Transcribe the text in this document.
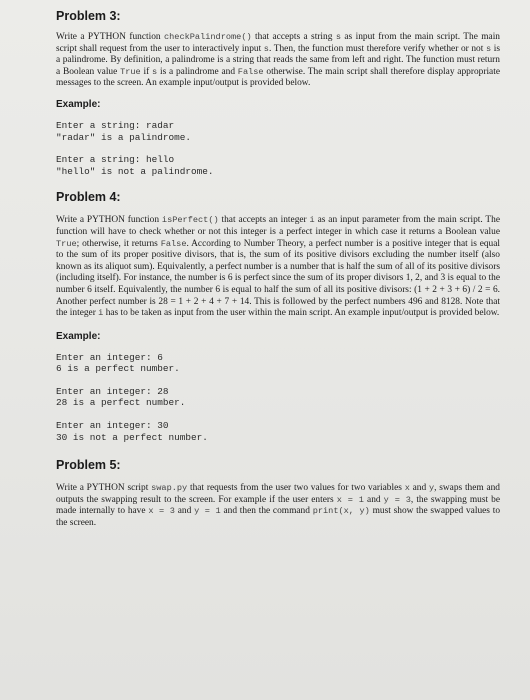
Problem 3:

Write a PYTHON function checkPalindrome() that accepts a string s as input from the main script. The main script shall request from the user to interactively input s. Then, the function must therefore verify whether or not s is a palindrome. By definition, a palindrome is a string that reads the same from left and right. The function must return a Boolean value True if s is a palindrome and False otherwise. The main script shall therefore display appropriate messages to the screen. An example input/output is provided below.

Example:

Enter a string: radar
"radar" is a palindrome.
Enter a string: hello
"hello" is not a palindrome.
Problem 4:

Write a PYTHON function isPerfect() that accepts an integer i as an input parameter from the main script. The function will have to check whether or not this integer is a perfect integer in which case it returns a Boolean value True; otherwise, it returns False. According to Number Theory, a perfect number is a positive integer that is equal to the sum of its proper positive divisors, that is, the sum of its positive divisors excluding the number itself (also known as its aliquot sum). Equivalently, a perfect number is a number that is half the sum of all of its positive divisors (including itself). For instance, the number is 6 is perfect since the sum of its proper divisors 1, 2, and 3 is equal to the number 6 itself. Equivalently, the number 6 is equal to half the sum of all its positive divisors: (1 + 2 + 3 + 6) / 2 = 6. Another perfect number is 28 = 1 + 2 + 4 + 7 + 14. This is followed by the perfect numbers 496 and 8128. Note that the integer i has to be taken as input from the user within the main script. An example input/output is provided below.

Example:

Enter an integer: 6
6 is a perfect number.
Enter an integer: 28
28 is a perfect number.
Enter an integer: 30
30 is not a perfect number.
Problem 5:

Write a PYTHON script swap.py that requests from the user two values for two variables x and y, swaps them and outputs the swapping result to the screen. For example if the user enters x = 1 and y = 3, the swapping must be made internally to have x = 3 and y = 1 and then the command print(x, y) must show the swapped values to the screen.
